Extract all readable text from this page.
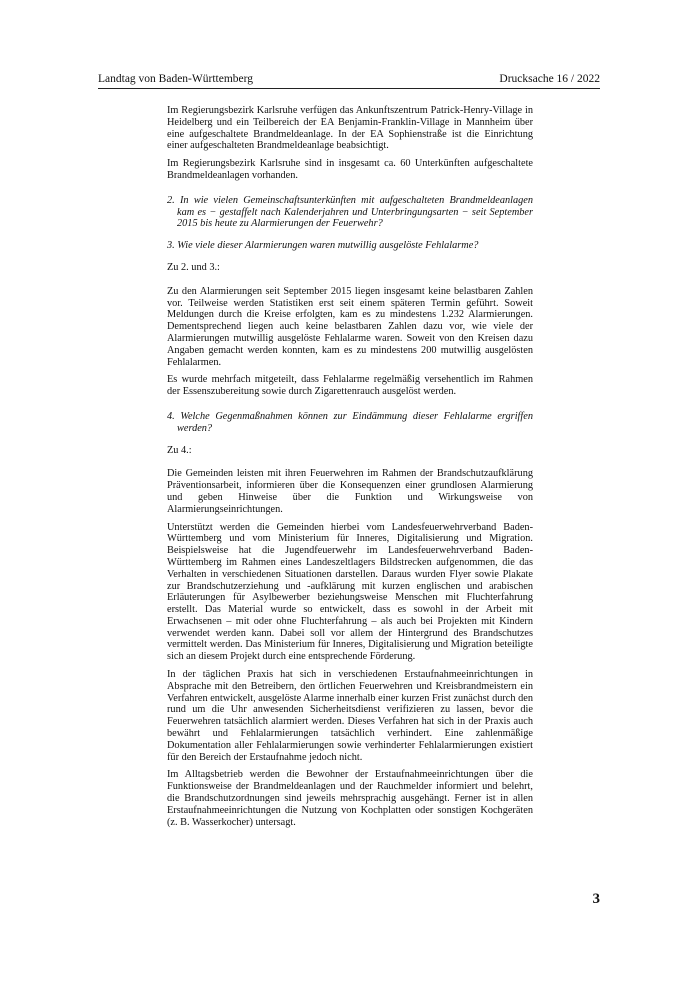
Landtag von Baden-Württemberg	Drucksache 16 / 2022

Im Regierungsbezirk Karlsruhe verfügen das Ankunftszentrum Patrick-Henry-Village in Heidelberg und ein Teilbereich der EA Benjamin-Franklin-Village in Mannheim über eine aufgeschaltete Brandmeldeanlage. In der EA Sophienstraße ist die Einrichtung einer aufgeschalteten Brandmeldeanlage beabsichtigt.

Im Regierungsbezirk Karlsruhe sind in insgesamt ca. 60 Unterkünften aufgeschaltete Brandmeldeanlagen vorhanden.

2. In wie vielen Gemeinschaftsunterkünften mit aufgeschalteten Brandmeldeanlagen kam es − gestaffelt nach Kalenderjahren und Unterbringungsarten − seit September 2015 bis heute zu Alarmierungen der Feuerwehr?

3. Wie viele dieser Alarmierungen waren mutwillig ausgelöste Fehlalarme?

Zu 2. und 3.:

Zu den Alarmierungen seit September 2015 liegen insgesamt keine belastbaren Zahlen vor. Teilweise werden Statistiken erst seit einem späteren Termin geführt. Soweit Meldungen durch die Kreise erfolgten, kam es zu mindestens 1.232 Alarmierungen. Dementsprechend liegen auch keine belastbaren Zahlen dazu vor, wie viele der Alarmierungen mutwillig ausgelöste Fehlalarme waren. Soweit von den Kreisen dazu Angaben gemacht werden konnten, kam es zu mindestens 200 mutwillig ausgelösten Fehlalarmen.

Es wurde mehrfach mitgeteilt, dass Fehlalarme regelmäßig versehentlich im Rahmen der Essenszubereitung sowie durch Zigarettenrauch ausgelöst werden.

4. Welche Gegenmaßnahmen können zur Eindämmung dieser Fehlalarme ergriffen werden?

Zu 4.:

Die Gemeinden leisten mit ihren Feuerwehren im Rahmen der Brandschutzaufklärung Präventionsarbeit, informieren über die Konsequenzen einer grundlosen Alarmierung und geben Hinweise über die Funktion und Wirkungsweise von Alarmierungseinrichtungen.

Unterstützt werden die Gemeinden hierbei vom Landesfeuerwehrverband Baden-Württemberg und vom Ministerium für Inneres, Digitalisierung und Migration. Beispielsweise hat die Jugendfeuerwehr im Landesfeuerwehrverband Baden-Württemberg im Rahmen eines Landeszeltlagers Bildstrecken aufgenommen, die das Verhalten in verschiedenen Situationen darstellen. Daraus wurden Flyer sowie Plakate zur Brandschutzerziehung und -aufklärung mit kurzen englischen und arabischen Erläuterungen für Asylbewerber beziehungsweise Menschen mit Fluchterfahrung erstellt. Das Material wurde so entwickelt, dass es sowohl in der Arbeit mit Erwachsenen – mit oder ohne Fluchterfahrung – als auch bei Projekten mit Kindern verwendet werden kann. Dabei soll vor allem der Hintergrund des Brandschutzes vermittelt werden. Das Ministerium für Inneres, Digitalisierung und Migration beteiligte sich an diesem Projekt durch eine entsprechende Förderung.

In der täglichen Praxis hat sich in verschiedenen Erstaufnahmeeinrichtungen in Absprache mit den Betreibern, den örtlichen Feuerwehren und Kreisbrandmeistern ein Verfahren entwickelt, ausgelöste Alarme innerhalb einer kurzen Frist zunächst durch den rund um die Uhr anwesenden Sicherheitsdienst verifizieren zu lassen, bevor die Feuerwehren tatsächlich alarmiert werden. Dieses Verfahren hat sich in der Praxis auch bewährt und Fehlalarmierungen tatsächlich verhindert. Eine zahlenmäßige Dokumentation aller Fehlalarmierungen sowie verhinderter Fehlalarmierungen existiert für den Bereich der Erstaufnahme jedoch nicht.

Im Alltagsbetrieb werden die Bewohner der Erstaufnahmeeinrichtungen über die Funktionsweise der Brandmeldeanlagen und der Rauchmelder informiert und belehrt, die Brandschutzordnungen sind jeweils mehrsprachig ausgehängt. Ferner ist in allen Erstaufnahmeeinrichtungen die Nutzung von Kochplatten oder sonstigen Kochgeräten (z. B. Wasserkocher) untersagt.

3
